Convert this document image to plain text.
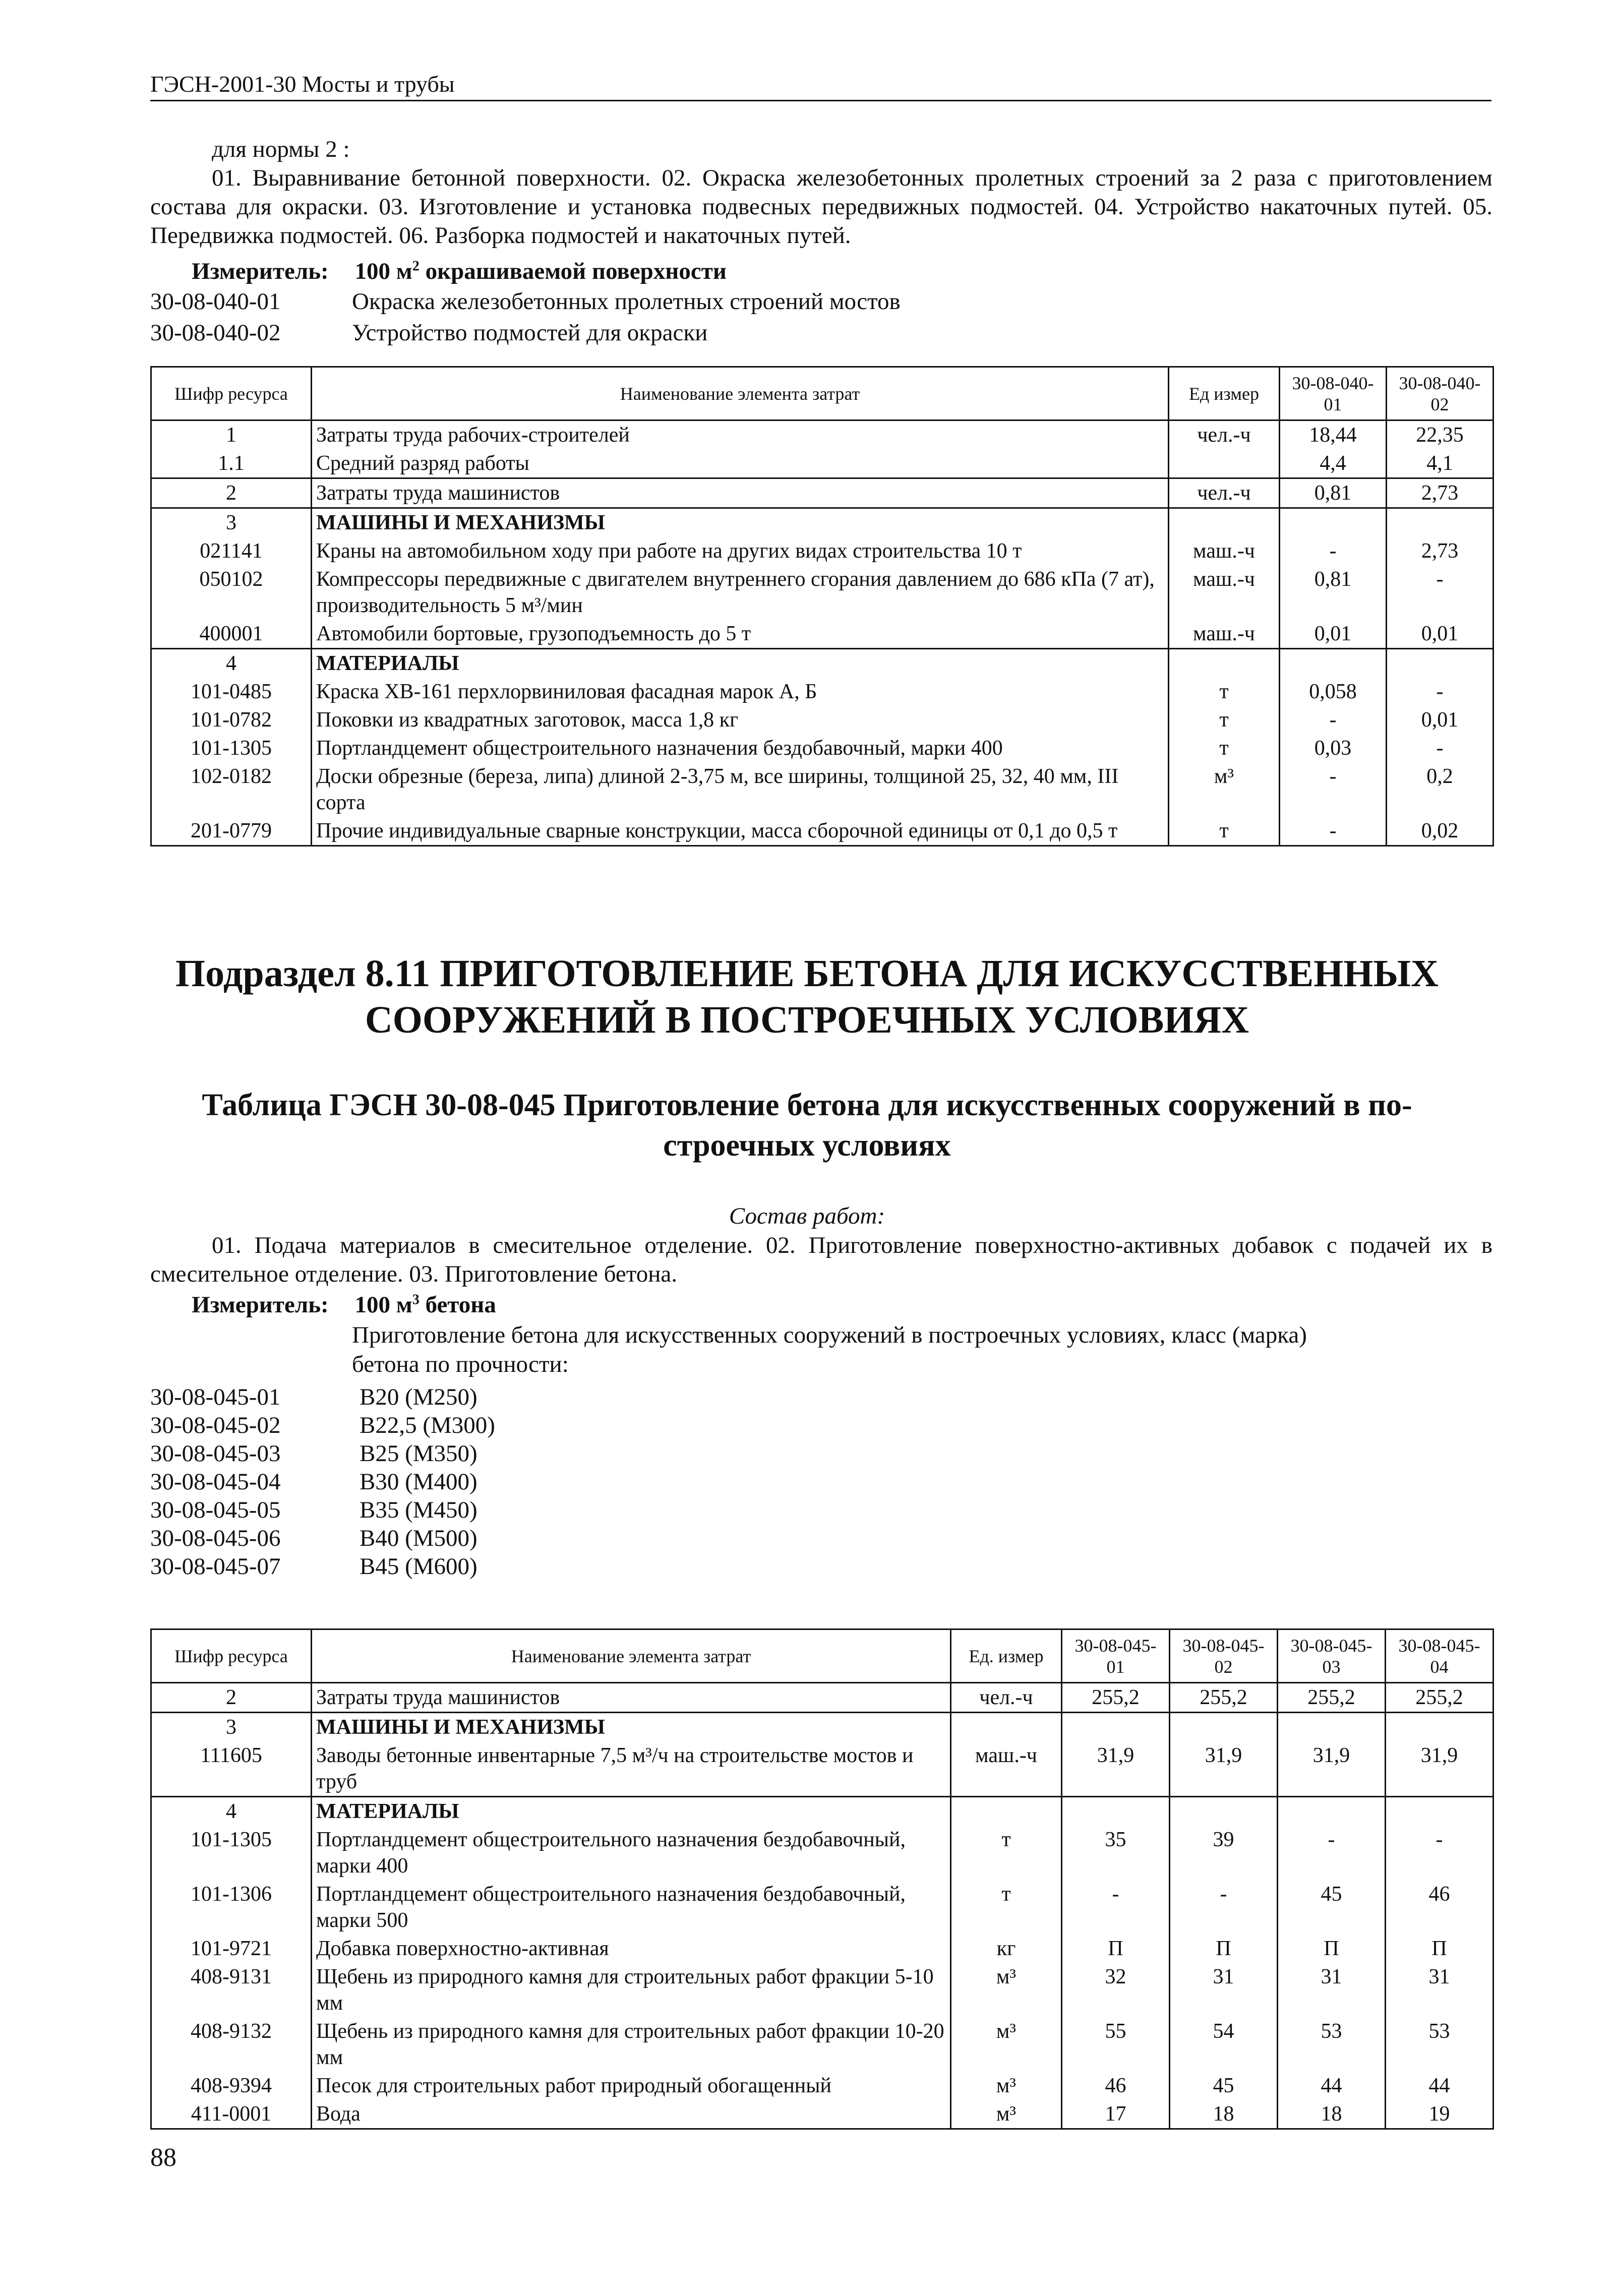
ГЭСН-2001-30 Мосты и трубы
для нормы 2 :
01. Выравнивание бетонной поверхности. 02. Окраска железобетонных пролетных строений за 2 раза с приготовлением состава для окраски. 03. Изготовление и установка подвесных передвижных подмостей. 04. Устройство накаточных путей. 05. Передвижка подмостей. 06. Разборка подмостей и накаточных путей.
Измеритель: 100 $м^2$ окрашиваемой поверхности
30-08-040-01	Окраска железобетонных пролетных строений мостов
30-08-040-02	Устройство подмостей для окраски
Шифр ресурса	Наименование элемента затрат	Ед измер	30-08-040-01	30-08-040-02
1	Затраты труда рабочих-строителей	чел.-ч	18,44	22,35
1.1	Средний разряд работы		4,4	4,1
2	Затраты труда машинистов	чел.-ч	0,81	2,73
3	МАШИНЫ И МЕХАНИЗМЫ			
021141	Краны на автомобильном ходу при работе на других видах строительства 10 т	маш.-ч	-	2,73
050102	Компрессоры передвижные с двигателем внутреннего сгорания давлением до 686 кПа (7 ат), производительность 5 м³/мин	маш.-ч	0,81	-
400001	Автомобили бортовые, грузоподъемность до 5 т	маш.-ч	0,01	0,01
4	МАТЕРИАЛЫ			
101-0485	Краска ХВ-161 перхлорвиниловая фасадная марок А, Б	т	0,058	-
101-0782	Поковки из квадратных заготовок, масса 1,8 кг	т	-	0,01
101-1305	Портландцемент общестроительного назначения бездобавочный, марки 400	т	0,03	-
102-0182	Доски обрезные (береза, липа) длиной 2-3,75 м, все ширины, толщиной 25, 32, 40 мм, III сорта	м³	-	0,2
201-0779	Прочие индивидуальные сварные конструкции, масса сборочной единицы от 0,1 до 0,5 т	т	-	0,02
Подраздел 8.11 ПРИГОТОВЛЕНИЕ БЕТОНА ДЛЯ ИСКУССТВЕННЫХ
СООРУЖЕНИЙ В ПОСТРОЕЧНЫХ УСЛОВИЯХ
Таблица ГЭСН 30-08-045 Приготовление бетона для искусственных сооружений в по-
строечных условиях
Состав работ:
01. Подача материалов в смесительное отделение. 02. Приготовление поверхностно-активных добавок с подачей их в смесительное отделение. 03. Приготовление бетона.
Измеритель: 100 $м^3$ бетона
Приготовление бетона для искусственных сооружений в построечных условиях, класс (марка)
бетона по прочности:
30-08-045-01	В20 (М250)
30-08-045-02	В22,5 (М300)
30-08-045-03	В25 (М350)
30-08-045-04	В30 (М400)
30-08-045-05	В35 (М450)
30-08-045-06	В40 (М500)
30-08-045-07	В45 (М600)
Шифр ресурса	Наименование элемента затрат	Ед. измер	30-08-045-01	30-08-045-02	30-08-045-03	30-08-045-04
2	Затраты труда машинистов	чел.-ч	255,2	255,2	255,2	255,2
3	МАШИНЫ И МЕХАНИЗМЫ					
111605	Заводы бетонные инвентарные 7,5 м³/ч на строительстве мостов и труб	маш.-ч	31,9	31,9	31,9	31,9
4	МАТЕРИАЛЫ					
101-1305	Портландцемент общестроительного назначения бездобавочный, марки 400	т	35	39	-	-
101-1306	Портландцемент общестроительного назначения бездобавочный, марки 500	т	-	-	45	46
101-9721	Добавка поверхностно-активная	кг	П	П	П	П
408-9131	Щебень из природного камня для строительных работ фракции 5-10 мм	м³	32	31	31	31
408-9132	Щебень из природного камня для строительных работ фракции 10-20 мм	м³	55	54	53	53
408-9394	Песок для строительных работ природный обогащенный	м³	46	45	44	44
411-0001	Вода	м³	17	18	18	19
88
